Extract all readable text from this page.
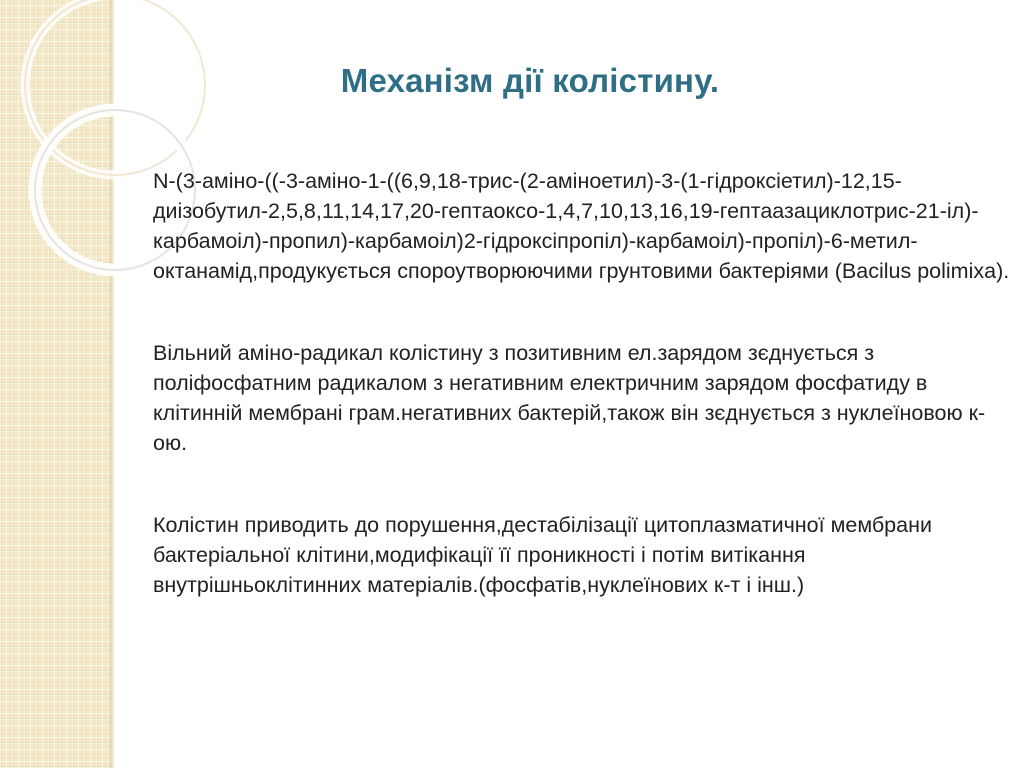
Механізм дії колістину.

N-(3-аміно-((-3-аміно-1-((6,9,18-трис-(2-аміноетил)-3-(1-гідроксіетил)-12,15-диізобутил-2,5,8,11,14,17,20-гептаоксо-1,4,7,10,13,16,19-гептаазациклотрис-21-іл)-карбамоіл)-пропил)-карбамоіл)2-гідроксіпропіл)-карбамоіл)-пропіл)-6-метил-октанамід,продукується спороутворюючими грунтовими бактеріями (Bacilus polimixa).

Вільний аміно-радикал колістину з позитивним ел.зарядом зєднується з поліфосфатним радикалом з негативним електричним зарядом фосфатиду в клітинній мембрані грам.негативних бактерій,також він зєднується з нуклеїновою к-ою.

Колістин приводить до порушення,дестабілізації цитоплазматичної мембрани бактеріальної клітини,модифікації її проникності і потім витікання внутрішньоклітинних матеріалів.(фосфатів,нуклеїнових к-т і інш.)
